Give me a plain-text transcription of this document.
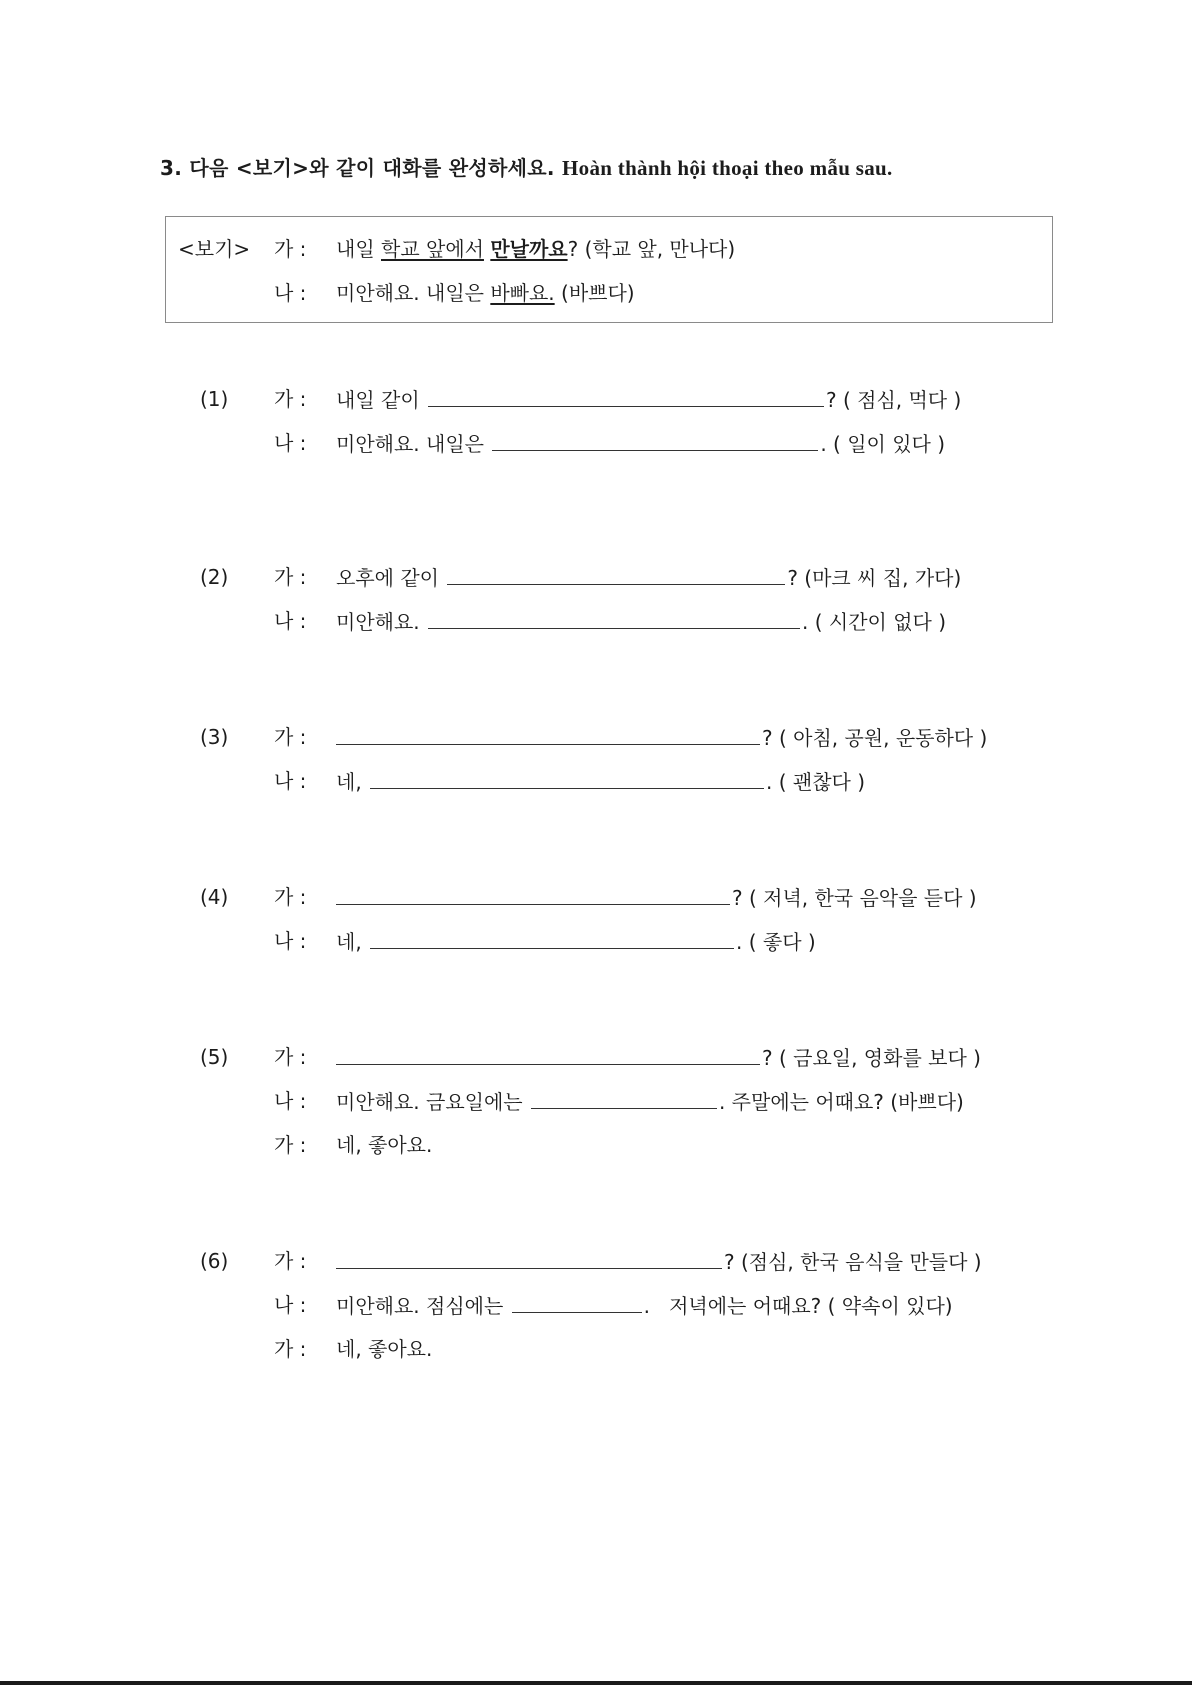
3. 다음 <보기>와 같이 대화를 완성하세요. Hoàn thành hội thoại theo mẫu sau.
<보기> 가 : 내일 학교 앞에서 만날까요? (학교 앞, 만나다)
나 : 미안해요. 내일은 바빠요. (바쁘다)
(1) 가 : 내일 같이	? ( 점심, 먹다 )
나 : 미안해요. 내일은	. ( 일이 있다 )
(2) 가 : 오후에 같이	? (마크 씨 집, 가다)
나 : 미안해요.	. ( 시간이 없다 )
(3) 가 :	? ( 아침, 공원, 운동하다 )
나 : 네,	. ( 괜찮다 )
(4) 가 :	? ( 저녁, 한국 음악을 듣다 )
나 : 네,	. ( 좋다 )
(5) 가 :	? ( 금요일, 영화를 보다 )
나 : 미안해요. 금요일에는	. 주말에는 어때요? (바쁘다)
가 : 네, 좋아요.
(6) 가 :	? (점심, 한국 음식을 만들다 )
나 : 미안해요. 점심에는	.   저녁에는 어때요? ( 약속이 있다)
가 : 네, 좋아요.
